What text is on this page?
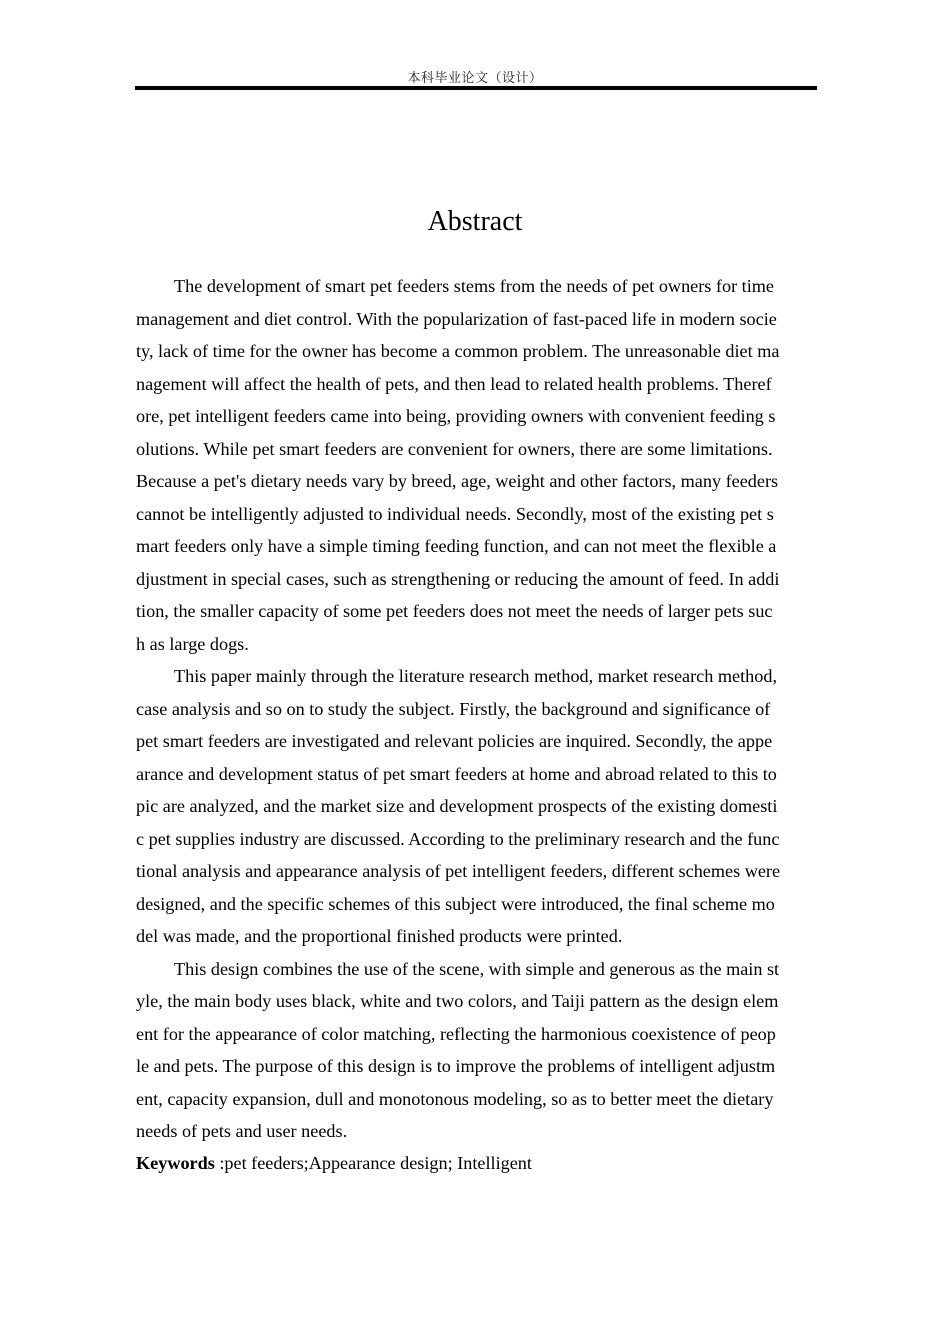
本科毕业论文（设计）
Abstract
The development of smart pet feeders stems from the needs of pet owners for time
management and diet control. With the popularization of fast-paced life in modern socie
ty, lack of time for the owner has become a common problem. The unreasonable diet ma
nagement will affect the health of pets, and then lead to related health problems. Theref
ore, pet intelligent feeders came into being, providing owners with convenient feeding s
olutions. While pet smart feeders are convenient for owners, there are some limitations.
Because a pet's dietary needs vary by breed, age, weight and other factors, many feeders
cannot be intelligently adjusted to individual needs. Secondly, most of the existing pet s
mart feeders only have a simple timing feeding function, and can not meet the flexible a
djustment in special cases, such as strengthening or reducing the amount of feed. In addi
tion, the smaller capacity of some pet feeders does not meet the needs of larger pets suc
h as large dogs.
This paper mainly through the literature research method, market research method,
case analysis and so on to study the subject. Firstly, the background and significance of
pet smart feeders are investigated and relevant policies are inquired. Secondly, the appe
arance and development status of pet smart feeders at home and abroad related to this to
pic are analyzed, and the market size and development prospects of the existing domesti
c pet supplies industry are discussed. According to the preliminary research and the func
tional analysis and appearance analysis of pet intelligent feeders, different schemes were
designed, and the specific schemes of this subject were introduced, the final scheme mo
del was made, and the proportional finished products were printed.
This design combines the use of the scene, with simple and generous as the main st
yle, the main body uses black, white and two colors, and Taiji pattern as the design elem
ent for the appearance of color matching, reflecting the harmonious coexistence of peop
le and pets. The purpose of this design is to improve the problems of intelligent adjustm
ent, capacity expansion, dull and monotonous modeling, so as to better meet the dietary
needs of pets and user needs.
Keywords :pet feeders;Appearance design; Intelligent
